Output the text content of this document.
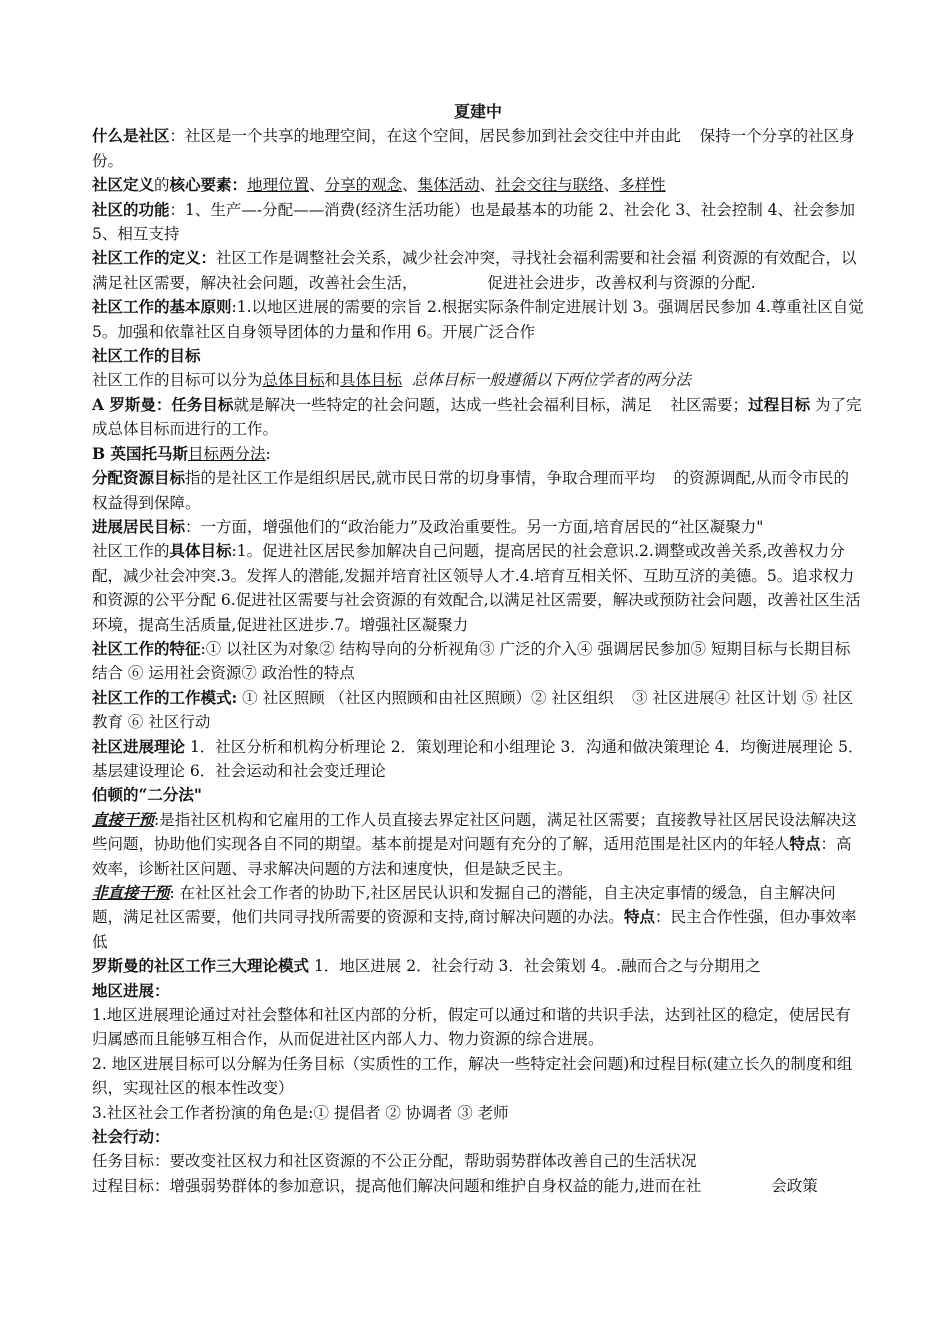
夏建中

什么是社区：社区是一个共享的地理空间，在这个空间，居民参加到社会交往中并由此 保持一个分享的社区身份。

社区定义的核心要素：地理位置、分享的观念、集体活动、社会交往与联络、多样性

社区的功能：1、生产—-分配——消费(经济生活功能）也是最基本的功能 2、社会化 3、社会控制 4、社会参加 5、相互支持

社区工作的定义：社区工作是调整社会关系，减少社会冲突，寻找社会福利需要和社会福 利资源的有效配合，以满足社区需要，解决社会问题，改善社会生活，	促进社会进步，改善权利与资源的分配.

社区工作的基本原则:1.以地区进展的需要的宗旨 2.根据实际条件制定进展计划 3。强调居民参加 4.尊重社区自觉 5。加强和依靠社区自身领导团体的力量和作用 6。开展广泛合作

社区工作的目标

社区工作的目标可以分为总体目标和具体目标 总体目标一般遵循以下两位学者的两分法

A 罗斯曼：任务目标就是解决一些特定的社会问题，达成一些社会福利目标，满足 社区需要；过程目标 为了完成总体目标而进行的工作。

B 英国托马斯目标两分法:

分配资源目标指的是社区工作是组织居民,就市民日常的切身事情，争取合理而平均 的资源调配,从而令市民的权益得到保障。

进展居民目标：一方面，增强他们的“政治能力”及政治重要性。另一方面,培育居民的“社区凝聚力"

社区工作的具体目标:1。促进社区居民参加解决自己问题，提高居民的社会意识.2.调整或改善关系,改善权力分配，减少社会冲突.3。发挥人的潜能,发掘并培育社区领导人才.4.培育互相关怀、互助互济的美德。5。追求权力和资源的公平分配 6.促进社区需要与社会资源的有效配合,以满足社区需要，解决或预防社会问题，改善社区生活环境，提高生活质量,促进社区进步.7。增强社区凝聚力

社区工作的特征:① 以社区为对象② 结构导向的分析视角③ 广泛的介入④ 强调居民参加⑤ 短期目标与长期目标结合 ⑥ 运用社会资源⑦ 政治性的特点

社区工作的工作模式: ① 社区照顾 （社区内照顾和由社区照顾）② 社区组织 ③ 社区进展④ 社区计划 ⑤ 社区教育 ⑥ 社区行动

社区进展理论 1．社区分析和机构分析理论 2．策划理论和小组理论 3．沟通和做决策理论 4．均衡进展理论 5．基层建设理论 6．社会运动和社会变迁理论

伯顿的“二分法"

直接干预:是指社区机构和它雇用的工作人员直接去界定社区问题，满足社区需要；直接教导社区居民设法解决这些问题，协助他们实现各自不同的期望。基本前提是对问题有充分的了解，适用范围是社区内的年轻人特点：高效率，诊断社区问题、寻求解决问题的方法和速度快，但是缺乏民主。

非直接干预: 在社区社会工作者的协助下,社区居民认识和发掘自己的潜能，自主决定事情的缓急，自主解决问题，满足社区需要，他们共同寻找所需要的资源和支持,商讨解决问题的办法。特点：民主合作性强，但办事效率低

罗斯曼的社区工作三大理论模式 1．地区进展 2．社会行动 3．社会策划 4。.融而合之与分期用之

地区进展：

1.地区进展理论通过对社会整体和社区内部的分析，假定可以通过和谐的共识手法，达到社区的稳定，使居民有归属感而且能够互相合作，从而促进社区内部人力、物力资源的综合进展。

2. 地区进展目标可以分解为任务目标（实质性的工作，解决一些特定社会问题)和过程目标(建立长久的制度和组织，实现社区的根本性改变）

3.社区社会工作者扮演的角色是:① 提倡者 ② 协调者 ③ 老师

社会行动：

任务目标：要改变社区权力和社区资源的不公正分配，帮助弱势群体改善自己的生活状况

过程目标：增强弱势群体的参加意识，提高他们解决问题和维护自身权益的能力,进而在社	会政策
